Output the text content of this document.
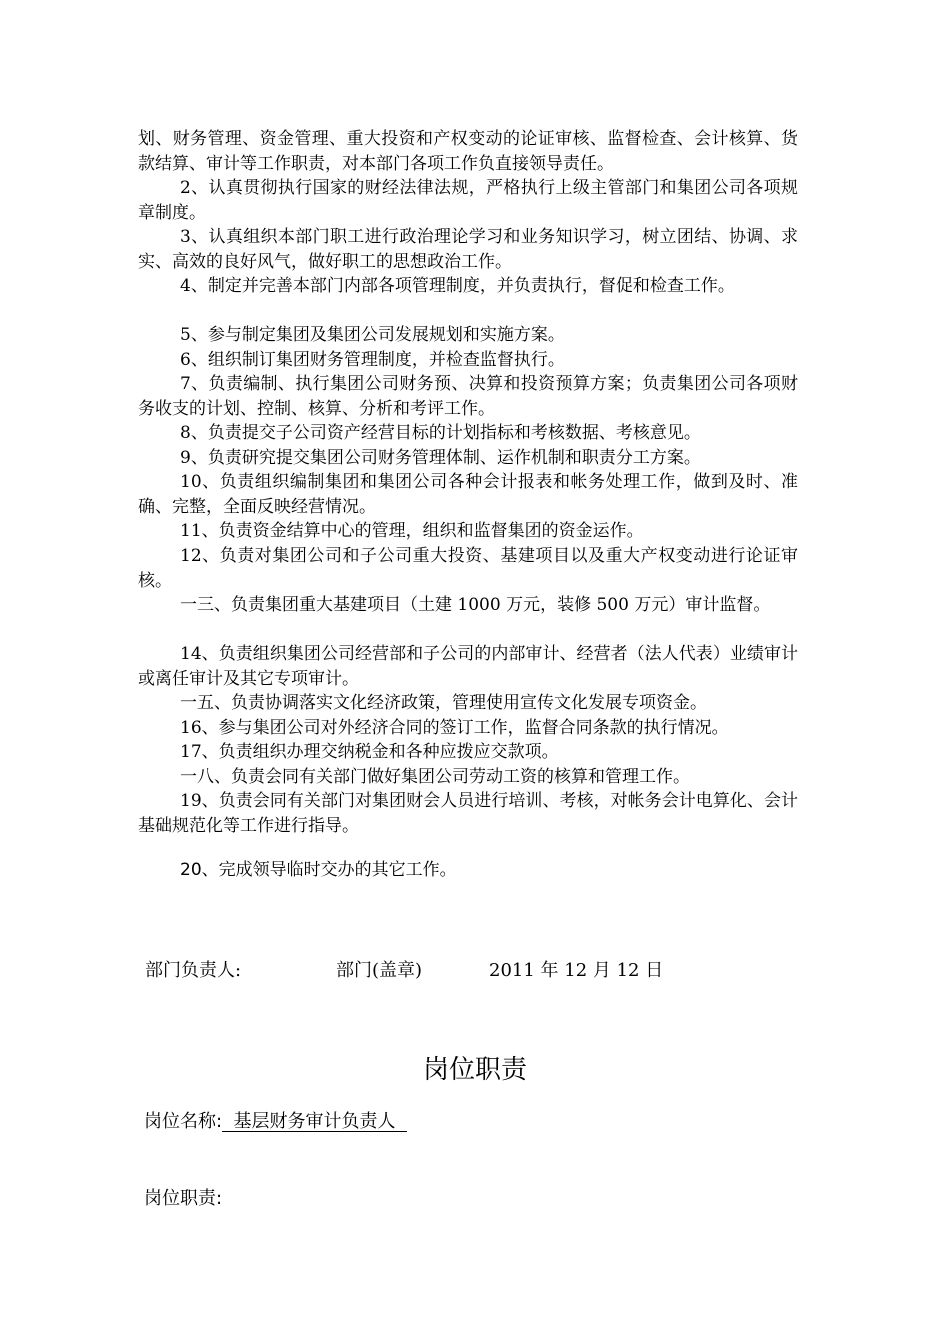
划、财务管理、资金管理、重大投资和产权变动的论证审核、监督检查、会计核算、货款结算、审计等工作职责，对本部门各项工作负直接领导责任。

2、认真贯彻执行国家的财经法律法规，严格执行上级主管部门和集团公司各项规章制度。

3、认真组织本部门职工进行政治理论学习和业务知识学习，树立团结、协调、求实、高效的良好风气，做好职工的思想政治工作。

4、制定并完善本部门内部各项管理制度，并负责执行，督促和检查工作。

5、参与制定集团及集团公司发展规划和实施方案。

6、组织制订集团财务管理制度，并检查监督执行。

7、负责编制、执行集团公司财务预、决算和投资预算方案；负责集团公司各项财务收支的计划、控制、核算、分析和考评工作。

8、负责提交子公司资产经营目标的计划指标和考核数据、考核意见。

9、负责研究提交集团公司财务管理体制、运作机制和职责分工方案。

10、负责组织编制集团和集团公司各种会计报表和帐务处理工作，做到及时、准确、完整，全面反映经营情况。

11、负责资金结算中心的管理，组织和监督集团的资金运作。

12、负责对集团公司和子公司重大投资、基建项目以及重大产权变动进行论证审核。

一三、负责集团重大基建项目（土建 1000 万元，装修 500 万元）审计监督。

14、负责组织集团公司经营部和子公司的内部审计、经营者（法人代表）业绩审计或离任审计及其它专项审计。

一五、负责协调落实文化经济政策，管理使用宣传文化发展专项资金。

16、参与集团公司对外经济合同的签订工作，监督合同条款的执行情况。

17、负责组织办理交纳税金和各种应拨应交款项。

一八、负责会同有关部门做好集团公司劳动工资的核算和管理工作。

19、负责会同有关部门对集团财会人员进行培训、考核，对帐务会计电算化、会计基础规范化等工作进行指导。

20、完成领导临时交办的其它工作。

部门负责人:	部门(盖章)	2011 年 12 月 12 日
岗位职责
岗位名称:  基层财务审计负责人
岗位职责:
